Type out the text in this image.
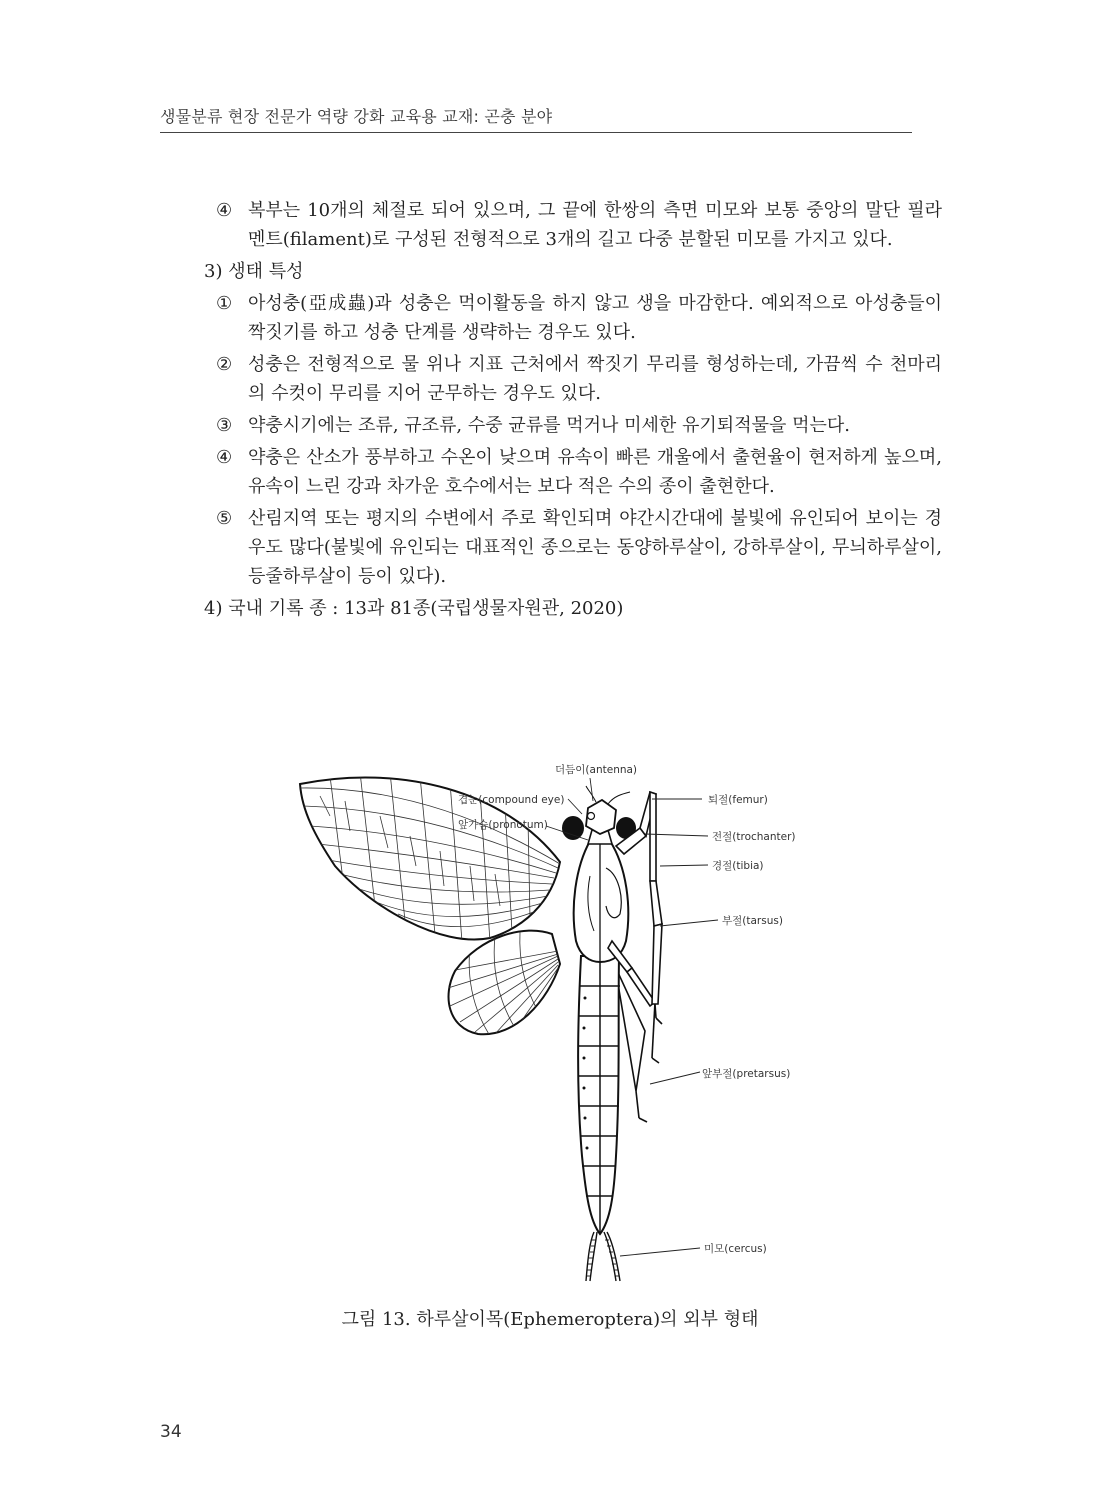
생물분류 현장 전문가 역량 강화 교육용 교재: 곤충 분야
④ 복부는 10개의 체절로 되어 있으며, 그 끝에 한쌍의 측면 미모와 보통 중앙의 말단 필라멘트(filament)로 구성된 전형적으로 3개의 길고 다중 분할된 미모를 가지고 있다.
3) 생태 특성
① 아성충(亞成蟲)과 성충은 먹이활동을 하지 않고 생을 마감한다. 예외적으로 아성충들이 짝짓기를 하고 성충 단계를 생략하는 경우도 있다.
② 성충은 전형적으로 물 위나 지표 근처에서 짝짓기 무리를 형성하는데, 가끔씩 수 천마리의 수컷이 무리를 지어 군무하는 경우도 있다.
③ 약충시기에는 조류, 규조류, 수중 균류를 먹거나 미세한 유기퇴적물을 먹는다.
④ 약충은 산소가 풍부하고 수온이 낮으며 유속이 빠른 개울에서 출현율이 현저하게 높으며, 유속이 느린 강과 차가운 호수에서는 보다 적은 수의 종이 출현한다.
⑤ 산림지역 또는 평지의 수변에서 주로 확인되며 야간시간대에 불빛에 유인되어 보이는 경우도 많다(불빛에 유인되는 대표적인 종으로는 동양하루살이, 강하루살이, 무늬하루살이, 등줄하루살이 등이 있다).
4) 국내 기록 종 : 13과 81종(국립생물자원관, 2020)
더듬이(antenna)
겹눈(compound eye)
앞가슴(pronotum)
퇴절(femur)
전절(trochanter)
경절(tibia)
부절(tarsus)
앞부절(pretarsus)
미모(cercus)
그림 13. 하루살이목(Ephemeroptera)의 외부 형태
34
